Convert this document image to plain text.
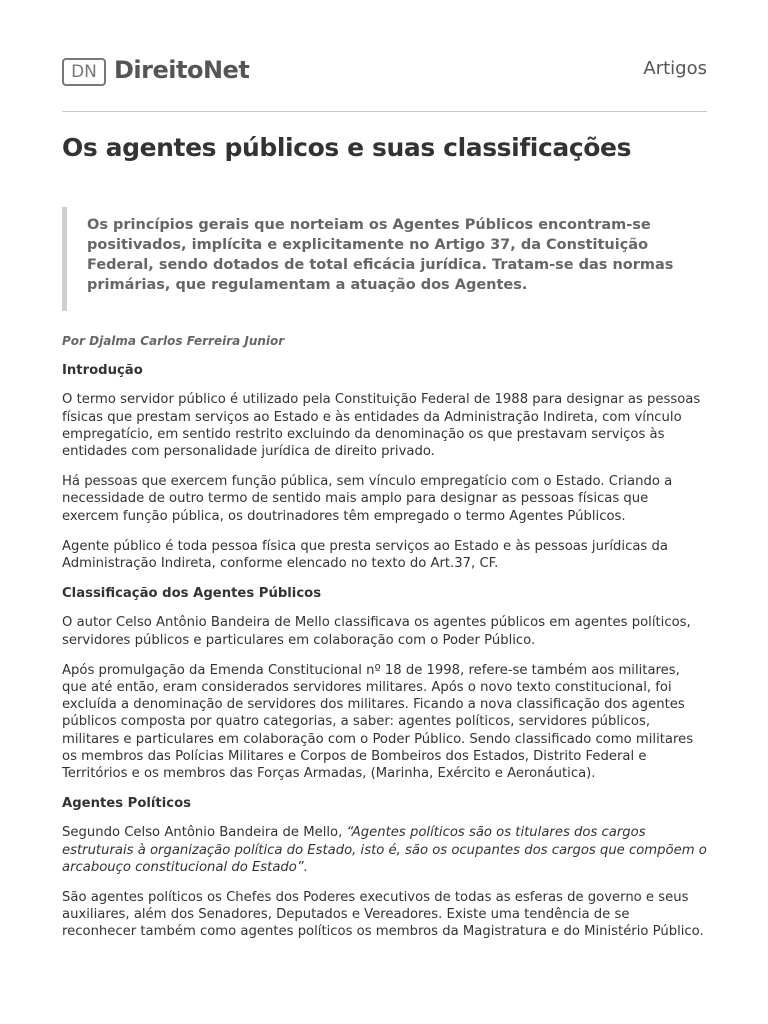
DN DireitoNet	Artigos
Os agentes públicos e suas classificações
Os princípios gerais que norteiam os Agentes Públicos encontram-se positivados, implícita e explicitamente no Artigo 37, da Constituição Federal, sendo dotados de total eficácia jurídica. Tratam-se das normas primárias, que regulamentam a atuação dos Agentes.

Por Djalma Carlos Ferreira Junior

Introdução

O termo servidor público é utilizado pela Constituição Federal de 1988 para designar as pessoas físicas que prestam serviços ao Estado e às entidades da Administração Indireta, com vínculo empregatício, em sentido restrito excluindo da denominação os que prestavam serviços às entidades com personalidade jurídica de direito privado.

Há pessoas que exercem função pública, sem vínculo empregatício com o Estado. Criando a necessidade de outro termo de sentido mais amplo para designar as pessoas físicas que exercem função pública, os doutrinadores têm empregado o termo Agentes Públicos.

Agente público é toda pessoa física que presta serviços ao Estado e às pessoas jurídicas da Administração Indireta, conforme elencado no texto do Art.37, CF.

Classificação dos Agentes Públicos

O autor Celso Antônio Bandeira de Mello classificava os agentes públicos em agentes políticos, servidores públicos e particulares em colaboração com o Poder Público.

Após promulgação da Emenda Constitucional nº 18 de 1998, refere-se também aos militares, que até então, eram considerados servidores militares. Após o novo texto constitucional, foi excluída a denominação de servidores dos militares. Ficando a nova classificação dos agentes públicos composta por quatro categorias, a saber: agentes políticos, servidores públicos, militares e particulares em colaboração com o Poder Público. Sendo classificado como militares os membros das Polícias Militares e Corpos de Bombeiros dos Estados, Distrito Federal e Territórios e os membros das Forças Armadas, (Marinha, Exército e Aeronáutica).

Agentes Políticos

Segundo Celso Antônio Bandeira de Mello, “Agentes políticos são os titulares dos cargos estruturais à organização política do Estado, isto é, são os ocupantes dos cargos que compõem o arcabouço constitucional do Estado”.

São agentes políticos os Chefes dos Poderes executivos de todas as esferas de governo e seus auxiliares, além dos Senadores, Deputados e Vereadores. Existe uma tendência de se reconhecer também como agentes políticos os membros da Magistratura e do Ministério Público.
